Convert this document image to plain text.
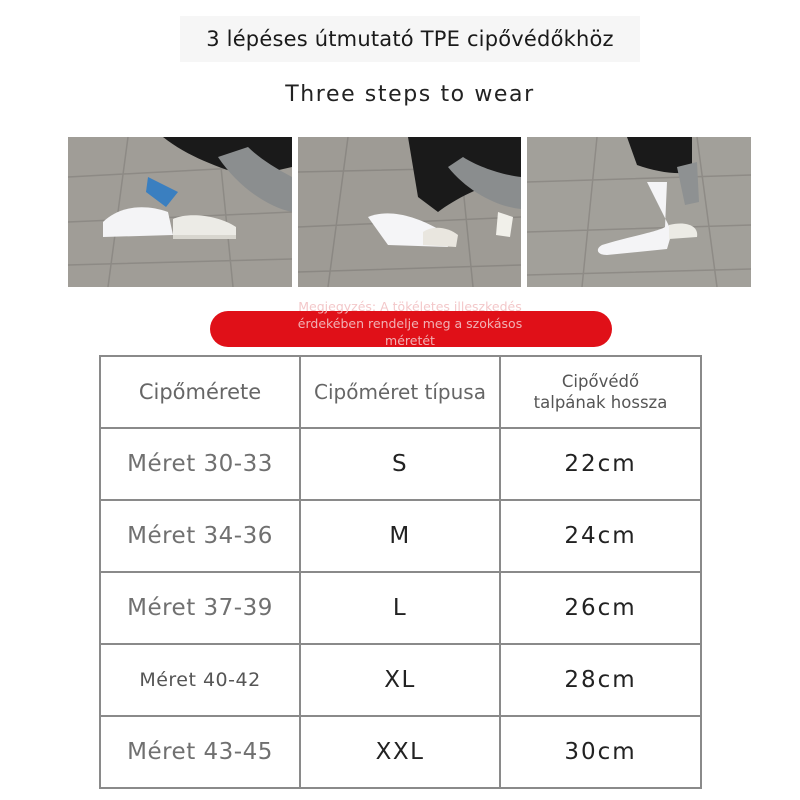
3 lépéses útmutató TPE cipővédőkhöz
Three steps to wear
Megjegyzés: A tökéletes illeszkedés
érdekében rendelje meg a szokásos
méretét
Cipőmérete	Cipőméret típusa	Cipővédő
talpának hossza

Méret 30-33	S	22cm
Méret 34-36	M	24cm
Méret 37-39	L	26cm
Méret 40-42	XL	28cm
Méret 43-45	XXL	30cm
